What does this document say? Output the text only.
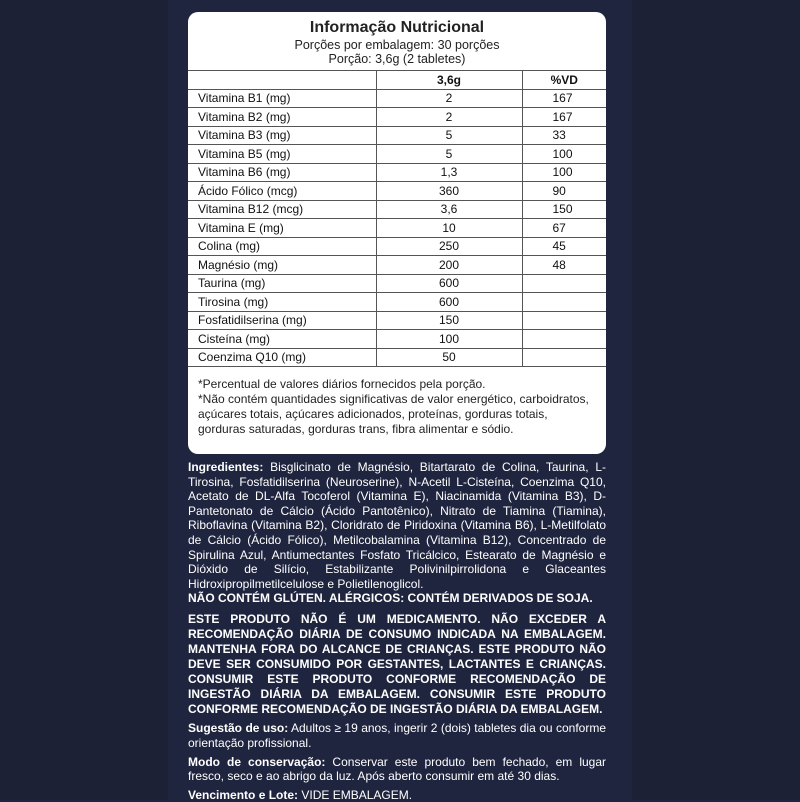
Informação Nutricional
Porções por embalagem: 30 porções
Porção: 3,6g (2 tabletes)
	3,6g	%VD
Vitamina B1 (mg)	2	167
Vitamina B2 (mg)	2	167
Vitamina B3 (mg)	5	33
Vitamina B5 (mg)	5	100
Vitamina B6 (mg)	1,3	100
Ácido Fólico (mcg)	360	90
Vitamina B12 (mcg)	3,6	150
Vitamina E (mg)	10	67
Colina (mg)	250	45
Magnésio (mg)	200	48
Taurina (mg)	600	
Tirosina (mg)	600	
Fosfatidilserina (mg)	150	
Cisteína (mg)	100	
Coenzima Q10 (mg)	50	
*Percentual de valores diários fornecidos pela porção.
*Não contém quantidades significativas de valor energético, carboidratos, açúcares totais, açúcares adicionados, proteínas, gorduras totais, gorduras saturadas, gorduras trans, fibra alimentar e sódio.

Ingredientes: Bisglicinato de Magnésio, Bitartarato de Colina, Taurina, L-Tirosina, Fosfatidilserina (Neuroserine), N-Acetil L-Cisteína, Coenzima Q10, Acetato de DL-Alfa Tocoferol (Vitamina E), Niacinamida (Vitamina B3), D-Pantetonato de Cálcio (Ácido Pantotênico), Nitrato de Tiamina (Tiamina), Riboflavina (Vitamina B2), Cloridrato de Piridoxina (Vitamina B6), L-Metilfolato de Cálcio (Ácido Fólico), Metilcobalamina (Vitamina B12), Concentrado de Spirulina Azul, Antiumectantes Fosfato Tricálcico, Estearato de Magnésio e Dióxido de Silício, Estabilizante Polivinilpirrolidona e Glaceantes Hidroxipropilmetilcelulose e Polietilenoglicol.

NÃO CONTÉM GLÚTEN. ALÉRGICOS: CONTÉM DERIVADOS DE SOJA.

ESTE PRODUTO NÃO É UM MEDICAMENTO. NÃO EXCEDER A RECOMENDAÇÃO DIÁRIA DE CONSUMO INDICADA NA EMBALAGEM. MANTENHA FORA DO ALCANCE DE CRIANÇAS. ESTE PRODUTO NÃO DEVE SER CONSUMIDO POR GESTANTES, LACTANTES E CRIANÇAS. CONSUMIR ESTE PRODUTO CONFORME RECOMENDAÇÃO DE INGESTÃO DIÁRIA DA EMBALAGEM. CONSUMIR ESTE PRODUTO CONFORME RECOMENDAÇÃO DE INGESTÃO DIÁRIA DA EMBALAGEM.
Sugestão de uso: Adultos ≥ 19 anos, ingerir 2 (dois) tabletes dia ou conforme orientação profissional.
Modo de conservação: Conservar este produto bem fechado, em lugar fresco, seco e ao abrigo da luz. Após aberto consumir em até 30 dias.
Vencimento e Lote: VIDE EMBALAGEM.
